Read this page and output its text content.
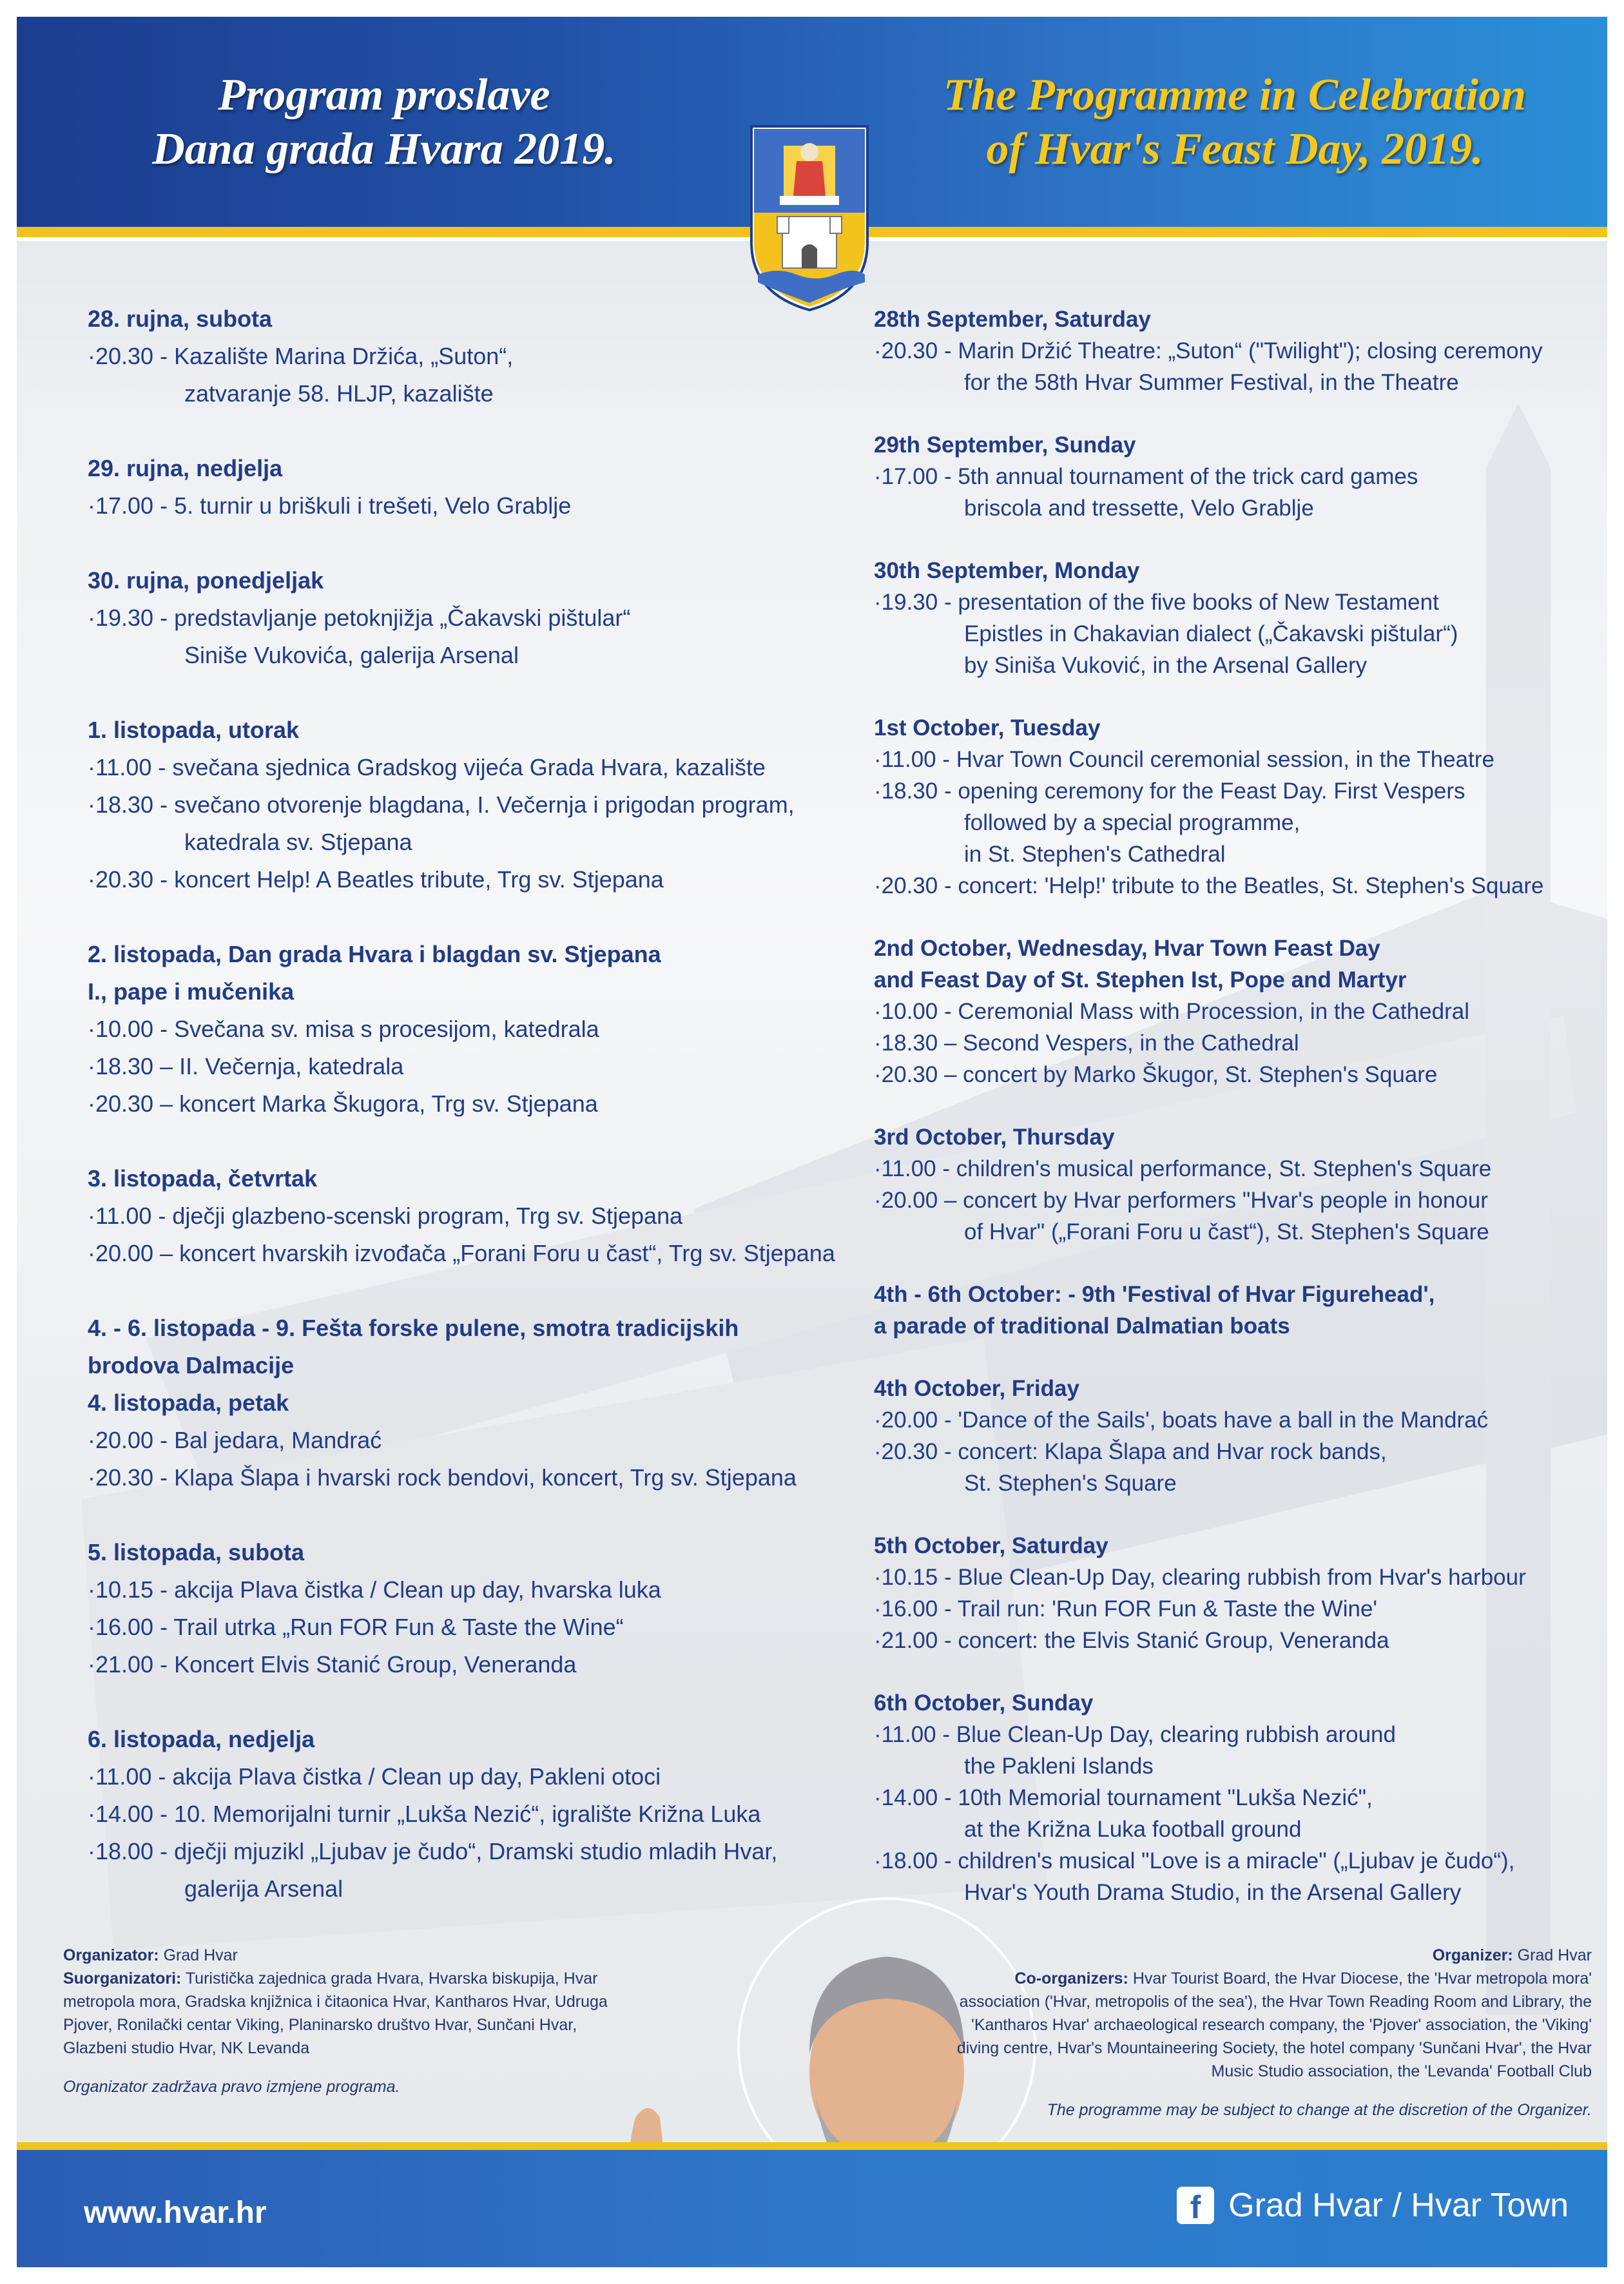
Program proslave
Dana grada Hvara 2019.
The Programme in Celebration
of Hvar's Feast Day, 2019.
28. rujna, subota
·20.30 - Kazalište Marina Držića, „Suton“,
zatvaranje 58. HLJP, kazalište
29. rujna, nedjelja
·17.00 - 5. turnir u briškuli i trešeti, Velo Grablje
30. rujna, ponedjeljak
·19.30 - predstavljanje petoknjižja „Čakavski pištular“
Siniše Vukovića, galerija Arsenal
1. listopada, utorak
·11.00 - svečana sjednica Gradskog vijeća Grada Hvara, kazalište
·18.30 - svečano otvorenje blagdana, I. Večernja i prigodan program,
katedrala sv. Stjepana
·20.30 - koncert Help! A Beatles tribute, Trg sv. Stjepana
2. listopada, Dan grada Hvara i blagdan sv. Stjepana
I., pape i mučenika
·10.00 - Svečana sv. misa s procesijom, katedrala
·18.30 – II. Večernja, katedrala
·20.30 – koncert Marka Škugora, Trg sv. Stjepana
3. listopada, četvrtak
·11.00 - dječji glazbeno-scenski program, Trg sv. Stjepana
·20.00 – koncert hvarskih izvođača „Forani Foru u čast“, Trg sv. Stjepana
4. - 6. listopada - 9. Fešta forske pulene, smotra tradicijskih
brodova Dalmacije
4. listopada, petak
·20.00 - Bal jedara, Mandrać
·20.30 - Klapa Šlapa i hvarski rock bendovi, koncert, Trg sv. Stjepana
5. listopada, subota
·10.15 - akcija Plava čistka / Clean up day, hvarska luka
·16.00 - Trail utrka „Run FOR Fun & Taste the Wine“
·21.00 - Koncert Elvis Stanić Group, Veneranda
6. listopada, nedjelja
·11.00 - akcija Plava čistka / Clean up day, Pakleni otoci
·14.00 - 10. Memorijalni turnir „Lukša Nezić“, igralište Križna Luka
·18.00 - dječji mjuzikl „Ljubav je čudo“, Dramski studio mladih Hvar,
galerija Arsenal
28th September, Saturday
·20.30 - Marin Držić Theatre: „Suton“ ("Twilight"); closing ceremony
for the 58th Hvar Summer Festival, in the Theatre
29th September, Sunday
·17.00 - 5th annual tournament of the trick card games
briscola and tressette, Velo Grablje
30th September, Monday
·19.30 - presentation of the five books of New Testament
Epistles in Chakavian dialect („Čakavski pištular“)
by Siniša Vuković, in the Arsenal Gallery
1st October, Tuesday
·11.00 - Hvar Town Council ceremonial session, in the Theatre
·18.30 - opening ceremony for the Feast Day. First Vespers
followed by a special programme,
in St. Stephen's Cathedral
·20.30 - concert: 'Help!' tribute to the Beatles, St. Stephen's Square
2nd October, Wednesday, Hvar Town Feast Day
and Feast Day of St. Stephen Ist, Pope and Martyr
·10.00 - Ceremonial Mass with Procession, in the Cathedral
·18.30 – Second Vespers, in the Cathedral
·20.30 – concert by Marko Škugor, St. Stephen's Square
3rd October, Thursday
·11.00 - children's musical performance, St. Stephen's Square
·20.00 – concert by Hvar performers "Hvar's people in honour
of Hvar" („Forani Foru u čast“), St. Stephen's Square
4th - 6th October: - 9th 'Festival of Hvar Figurehead',
a parade of traditional Dalmatian boats
4th October, Friday
·20.00 - 'Dance of the Sails', boats have a ball in the Mandrać
·20.30 - concert: Klapa Šlapa and Hvar rock bands,
St. Stephen's Square
5th October, Saturday
·10.15 - Blue Clean-Up Day, clearing rubbish from Hvar's harbour
·16.00 - Trail run: 'Run FOR Fun & Taste the Wine'
·21.00 - concert: the Elvis Stanić Group, Veneranda
6th October, Sunday
·11.00 - Blue Clean-Up Day, clearing rubbish around
the Pakleni Islands
·14.00 - 10th Memorial tournament "Lukša Nezić",
at the Križna Luka football ground
·18.00 - children's musical "Love is a miracle" („Ljubav je čudo“),
Hvar's Youth Drama Studio, in the Arsenal Gallery
Organizator: Grad Hvar
Suorganizatori: Turistička zajednica grada Hvara, Hvarska biskupija, Hvar metropola mora, Gradska knjižnica i čitaonica Hvar, Kantharos Hvar, Udruga Pjover, Ronilački centar Viking, Planinarsko društvo Hvar, Sunčani Hvar, Glazbeni studio Hvar, NK Levanda
Organizator zadržava pravo izmjene programa.
Organizer: Grad Hvar
Co-organizers: Hvar Tourist Board, the Hvar Diocese, the 'Hvar metropola mora' association ('Hvar, metropolis of the sea'), the Hvar Town Reading Room and Library, the 'Kantharos Hvar' archaeological research company, the 'Pjover' association, the 'Viking' diving centre, Hvar's Mountaineering Society, the hotel company 'Sunčani Hvar', the Hvar Music Studio association, the 'Levanda' Football Club
The programme may be subject to change at the discretion of the Organizer.
www.hvar.hr	f Grad Hvar / Hvar Town
